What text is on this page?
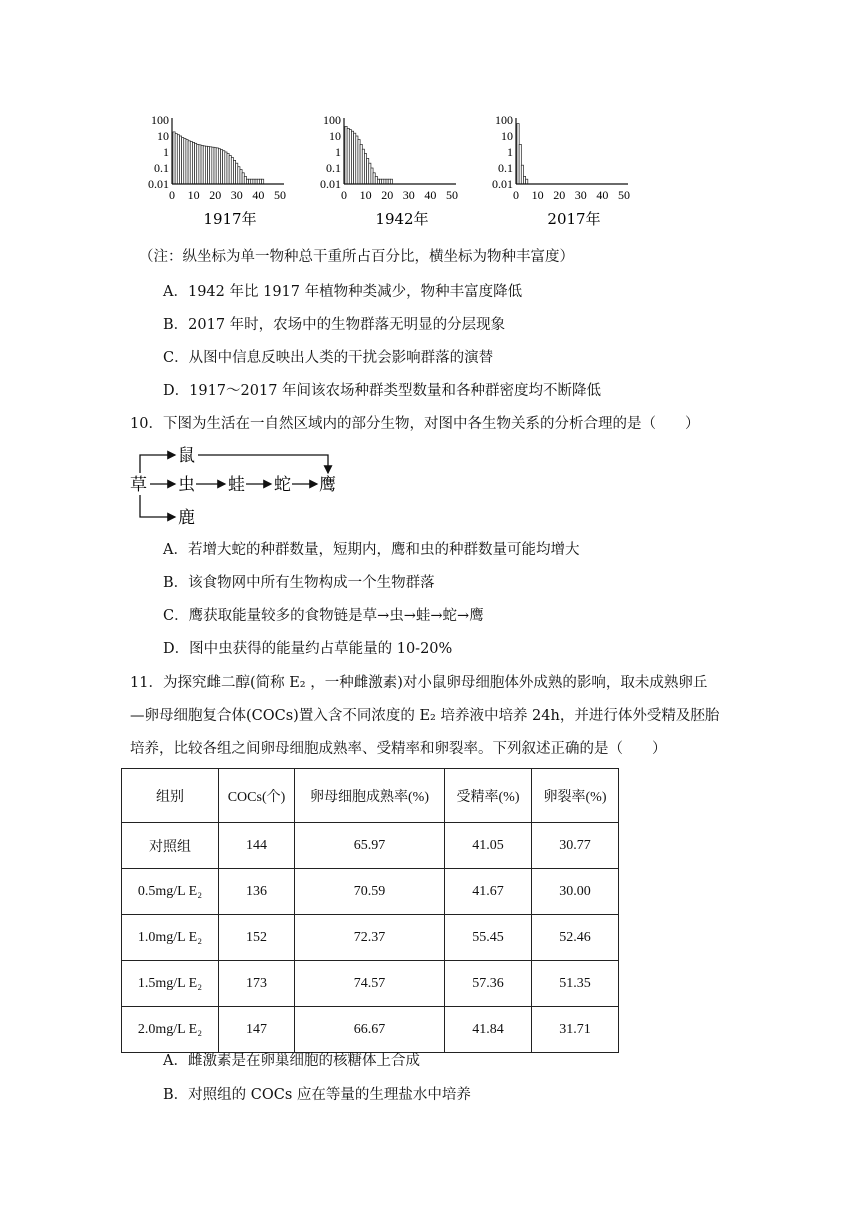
100
10
1
0.1
0.01
0 10 20 30 40 50
1917年
100
10
1
0.1
0.01
0 10 20 30 40 50
1942年
100
10
1
0.1
0.01
0 10 20 30 40 50
2017年
（注：纵坐标为单一物种总干重所占百分比，横坐标为物种丰富度）
A．1942 年比 1917 年植物种类减少，物种丰富度降低
B．2017 年时，农场中的生物群落无明显的分层现象
C．从图中信息反映出人类的干扰会影响群落的演替
D．1917～2017 年间该农场种群类型数量和各种群密度均不断降低
10．下图为生活在一自然区域内的部分生物，对图中各生物关系的分析合理的是（　　）
草
鼠
虫 蛙 蛇 鹰
鹿
A．若增大蛇的种群数量，短期内，鹰和虫的种群数量可能均增大
B．该食物网中所有生物构成一个生物群落
C．鹰获取能量较多的食物链是草→虫→蛙→蛇→鹰
D．图中虫获得的能量约占草能量的 10-20%
11．为探究雌二醇(简称 E₂ ，一种雌激素)对小鼠卵母细胞体外成熟的影响，取未成熟卵丘
—卵母细胞复合体(COCs)置入含不同浓度的 E₂ 培养液中培养 24h，并进行体外受精及胚胎
培养，比较各组之间卵母细胞成熟率、受精率和卵裂率。下列叙述正确的是（　　）
组别	COCs(个)	卵母细胞成熟率(%)	受精率(%)	卵裂率(%)
对照组	144	65.97	41.05	30.77
0.5mg/L E₂	136	70.59	41.67	30.00
1.0mg/L E₂	152	72.37	55.45	52.46
1.5mg/L E₂	173	74.57	57.36	51.35
2.0mg/L E₂	147	66.67	41.84	31.71
A．雌激素是在卵巢细胞的核糖体上合成
B．对照组的 COCs 应在等量的生理盐水中培养
